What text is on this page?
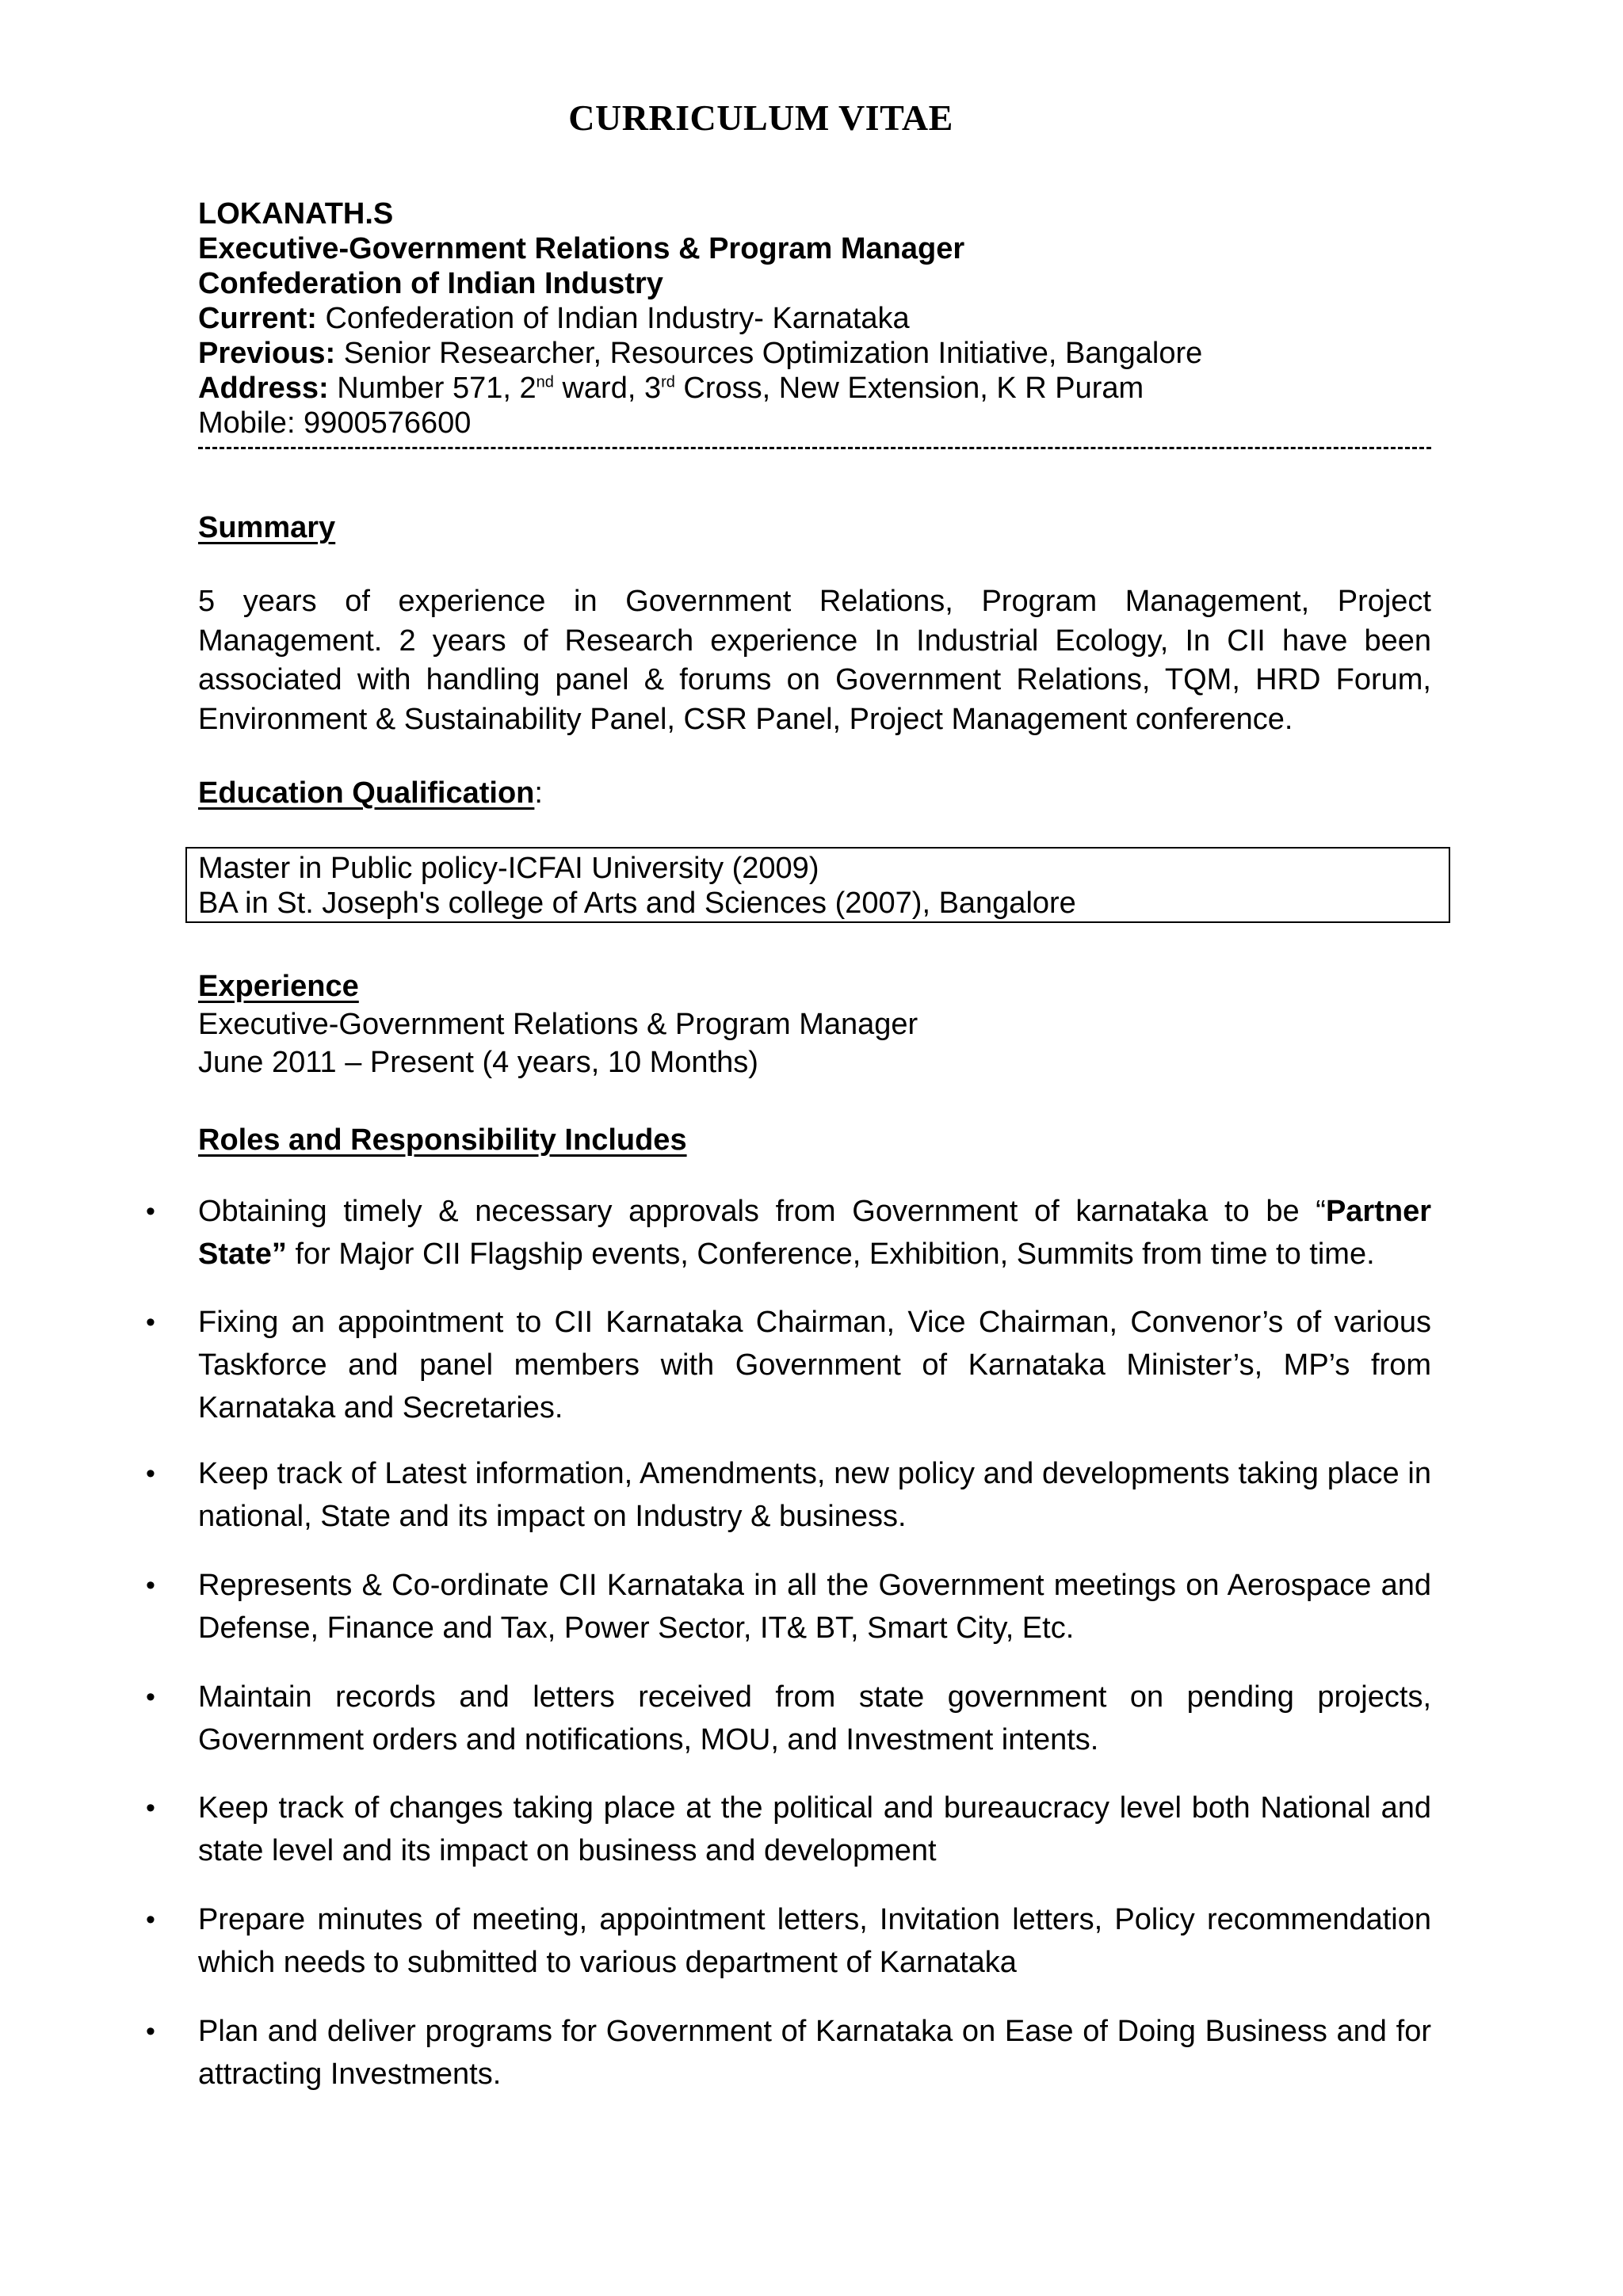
CURRICULUM VITAE
LOKANATH.S
Executive-Government Relations & Program Manager
Confederation of Indian Industry
Current: Confederation of Indian Industry- Karnataka
Previous: Senior Researcher, Resources Optimization Initiative, Bangalore
Address: Number 571, 2nd ward, 3rd Cross, New Extension, K R Puram
Mobile: 9900576600
Summary
5 years of experience in Government Relations, Program Management, Project Management. 2 years of Research experience In Industrial Ecology, In CII have been associated with handling panel & forums on Government Relations, TQM, HRD Forum, Environment & Sustainability Panel, CSR Panel, Project Management conference.
Education Qualification:
Master in Public policy-ICFAI University (2009)
BA in St. Joseph's college of Arts and Sciences (2007), Bangalore
Experience
Executive-Government Relations & Program Manager
June 2011 – Present (4 years, 10 Months)
Roles and Responsibility Includes
• Obtaining timely & necessary approvals from Government of karnataka to be “Partner State” for Major CII Flagship events, Conference, Exhibition, Summits from time to time.
• Fixing an appointment to CII Karnataka Chairman, Vice Chairman, Convenor’s of various Taskforce and panel members with Government of Karnataka Minister’s, MP’s from Karnataka and Secretaries.
• Keep track of Latest information, Amendments, new policy and developments taking place in national, State and its impact on Industry & business.
• Represents & Co-ordinate CII Karnataka in all the Government meetings on Aerospace and Defense, Finance and Tax, Power Sector, IT& BT, Smart City, Etc.
• Maintain records and letters received from state government on pending projects, Government orders and notifications, MOU, and Investment intents.
• Keep track of changes taking place at the political and bureaucracy level both National and state level and its impact on business and development
• Prepare minutes of meeting, appointment letters, Invitation letters, Policy recommendation which needs to submitted to various department of Karnataka
• Plan and deliver programs for Government of Karnataka on Ease of Doing Business and for attracting Investments.
